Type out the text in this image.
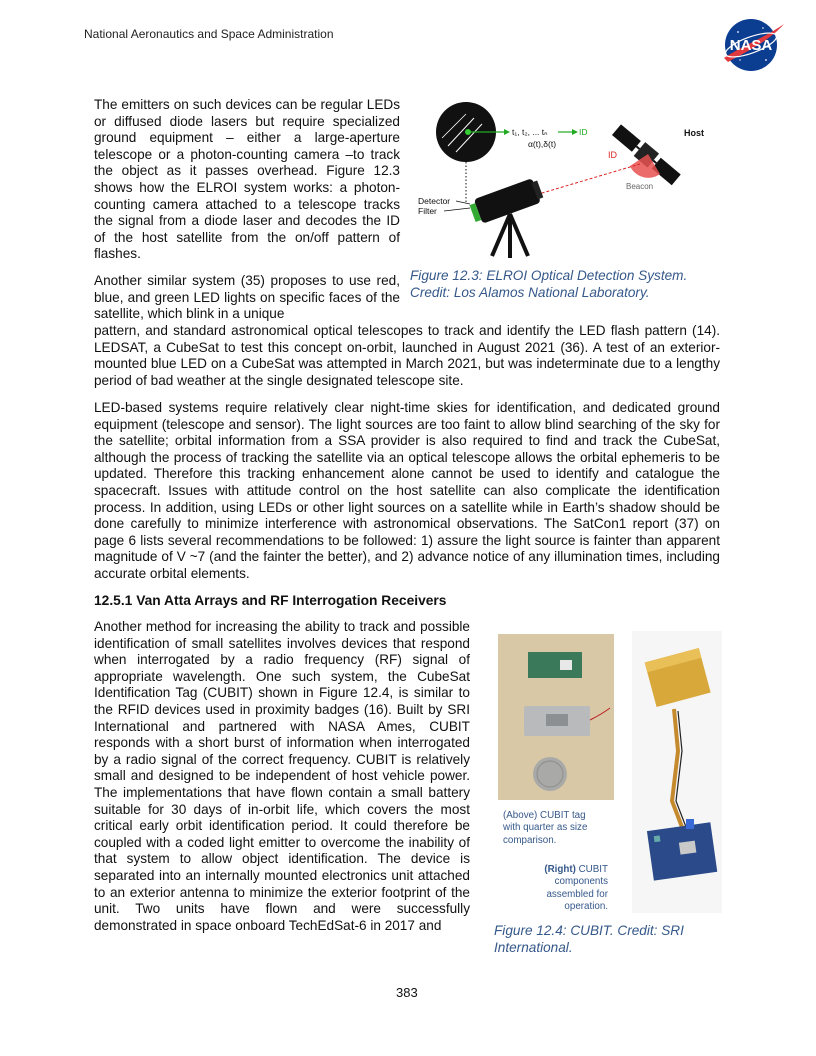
National Aeronautics and Space Administration
NASA

The emitters on such devices can be regular LEDs or diffused diode lasers but require specialized ground equipment – either a large-aperture telescope or a photon-counting camera –to track the object as it passes overhead. Figure 12.3 shows how the ELROI system works: a photon-counting camera attached to a telescope tracks the signal from a diode laser and decodes the ID of the host satellite from the on/off pattern of flashes.

t₁, t₂, ... tₙ	ID
α(t),δ(t)
Host
ID
Beacon
Detector
Filter
Figure 12.3: ELROI Optical Detection System.
Credit: Los Alamos National Laboratory.

Another similar system (35) proposes to use red, blue, and green LED lights on specific faces of the satellite, which blink in a unique

pattern, and standard astronomical optical telescopes to track and identify the LED flash pattern (14). LEDSAT, a CubeSat to test this concept on-orbit, launched in August 2021 (36). A test of an exterior-mounted blue LED on a CubeSat was attempted in March 2021, but was indeterminate due to a lengthy period of bad weather at the single designated telescope site.

LED-based systems require relatively clear night-time skies for identification, and dedicated ground equipment (telescope and sensor). The light sources are too faint to allow blind searching of the sky for the satellite; orbital information from a SSA provider is also required to find and track the CubeSat, although the process of tracking the satellite via an optical telescope allows the orbital ephemeris to be updated. Therefore this tracking enhancement alone cannot be used to identify and catalogue the spacecraft. Issues with attitude control on the host satellite can also complicate the identification process. In addition, using LEDs or other light sources on a satellite while in Earth’s shadow should be done carefully to minimize interference with astronomical observations. The SatCon1 report (37) on page 6 lists several recommendations to be followed: 1) assure the light source is fainter than apparent magnitude of V ~7 (and the fainter the better), and 2) advance notice of any illumination times, including accurate orbital elements.

12.5.1 Van Atta Arrays and RF Interrogation Receivers

Another method for increasing the ability to track and possible identification of small satellites involves devices that respond when interrogated by a radio frequency (RF) signal of appropriate wavelength. One such system, the CubeSat Identification Tag (CUBIT) shown in Figure 12.4, is similar to the RFID devices used in proximity badges (16). Built by SRI International and partnered with NASA Ames, CUBIT responds with a short burst of information when interrogated by a radio signal of the correct frequency. CUBIT is relatively small and designed to be independent of host vehicle power. The implementations that have flown contain a small battery suitable for 30 days of in-orbit life, which covers the most critical early orbit identification period. It could therefore be coupled with a coded light emitter to overcome the inability of that system to allow object identification. The device is separated into an internally mounted electronics unit attached to an exterior antenna to minimize the exterior footprint of the unit. Two units have flown and were successfully demonstrated in space onboard TechEdSat-6 in 2017 and

(Above) CUBIT tag
with quarter as size
comparison.
(Right) CUBIT
components
assembled for
operation.
Figure 12.4: CUBIT. Credit: SRI
International.
383
